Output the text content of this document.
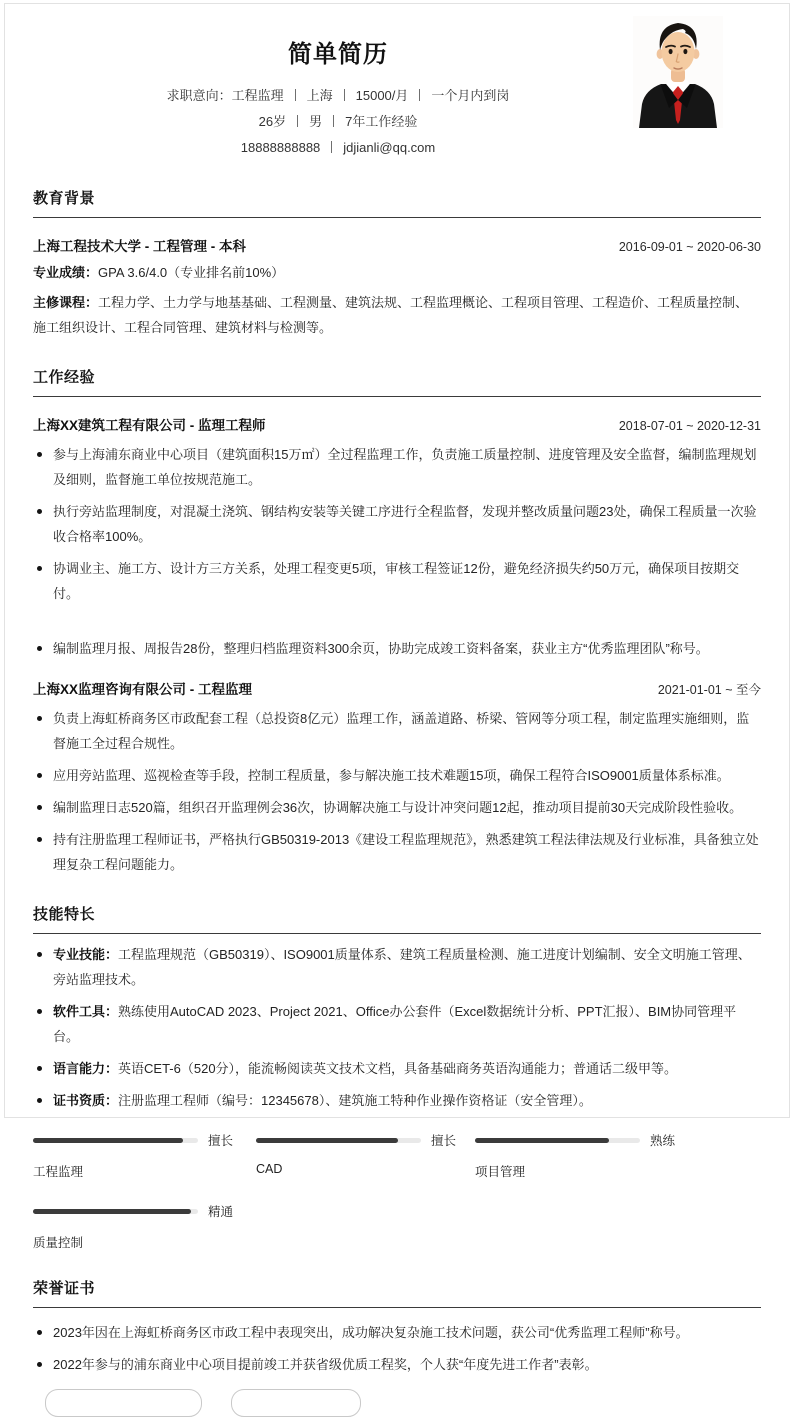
简单简历
求职意向：工程监理 上海 15000/月 一个月内到岗
26岁 男 7年工作经验
18888888888 jdjianli@qq.com
教育背景
上海工程技术大学 - 工程管理 - 本科	2016-09-01 ~ 2020-06-30
专业成绩：GPA 3.6/4.0（专业排名前10%）
主修课程：工程力学、土力学与地基基础、工程测量、建筑法规、工程监理概论、工程项目管理、工程造价、工程质量控制、施工组织设计、工程合同管理、建筑材料与检测等。
工作经验
上海XX建筑工程有限公司 - 监理工程师	2018-07-01 ~ 2020-12-31
参与上海浦东商业中心项目（建筑面积15万㎡）全过程监理工作，负责施工质量控制、进度管理及安全监督，编制监理规划及细则，监督施工单位按规范施工。
执行旁站监理制度，对混凝土浇筑、钢结构安装等关键工序进行全程监督，发现并整改质量问题23处，确保工程质量一次验收合格率100%。
协调业主、施工方、设计方三方关系，处理工程变更5项，审核工程签证12份，避免经济损失约50万元，确保项目按期交付。
编制监理月报、周报告28份，整理归档监理资料300余页，协助完成竣工资料备案，获业主方“优秀监理团队”称号。
上海XX监理咨询有限公司 - 工程监理	2021-01-01 ~ 至今
负责上海虹桥商务区市政配套工程（总投资8亿元）监理工作，涵盖道路、桥梁、管网等分项工程，制定监理实施细则，监督施工全过程合规性。
应用旁站监理、巡视检查等手段，控制工程质量，参与解决施工技术难题15项，确保工程符合ISO9001质量体系标准。
编制监理日志520篇，组织召开监理例会36次，协调解决施工与设计冲突问题12起，推动项目提前30天完成阶段性验收。
持有注册监理工程师证书，严格执行GB50319-2013《建设工程监理规范》，熟悉建筑工程法律法规及行业标准，具备独立处理复杂工程问题能力。
技能特长
专业技能：工程监理规范（GB50319）、ISO9001质量体系、建筑工程质量检测、施工进度计划编制、安全文明施工管理、旁站监理技术。
软件工具：熟练使用AutoCAD 2023、Project 2021、Office办公套件（Excel数据统计分析、PPT汇报）、BIM协同管理平台。
语言能力：英语CET-6（520分），能流畅阅读英文技术文档，具备基础商务英语沟通能力；普通话二级甲等。
证书资质：注册监理工程师（编号：12345678）、建筑施工特种作业操作资格证（安全管理）。
擅长
工程监理
擅长
CAD
熟练
项目管理
精通
质量控制
荣誉证书
2023年因在上海虹桥商务区市政工程中表现突出，成功解决复杂施工技术问题，获公司“优秀监理工程师”称号。
2022年参与的浦东商业中心项目提前竣工并获省级优质工程奖，个人获“年度先进工作者”表彰。
